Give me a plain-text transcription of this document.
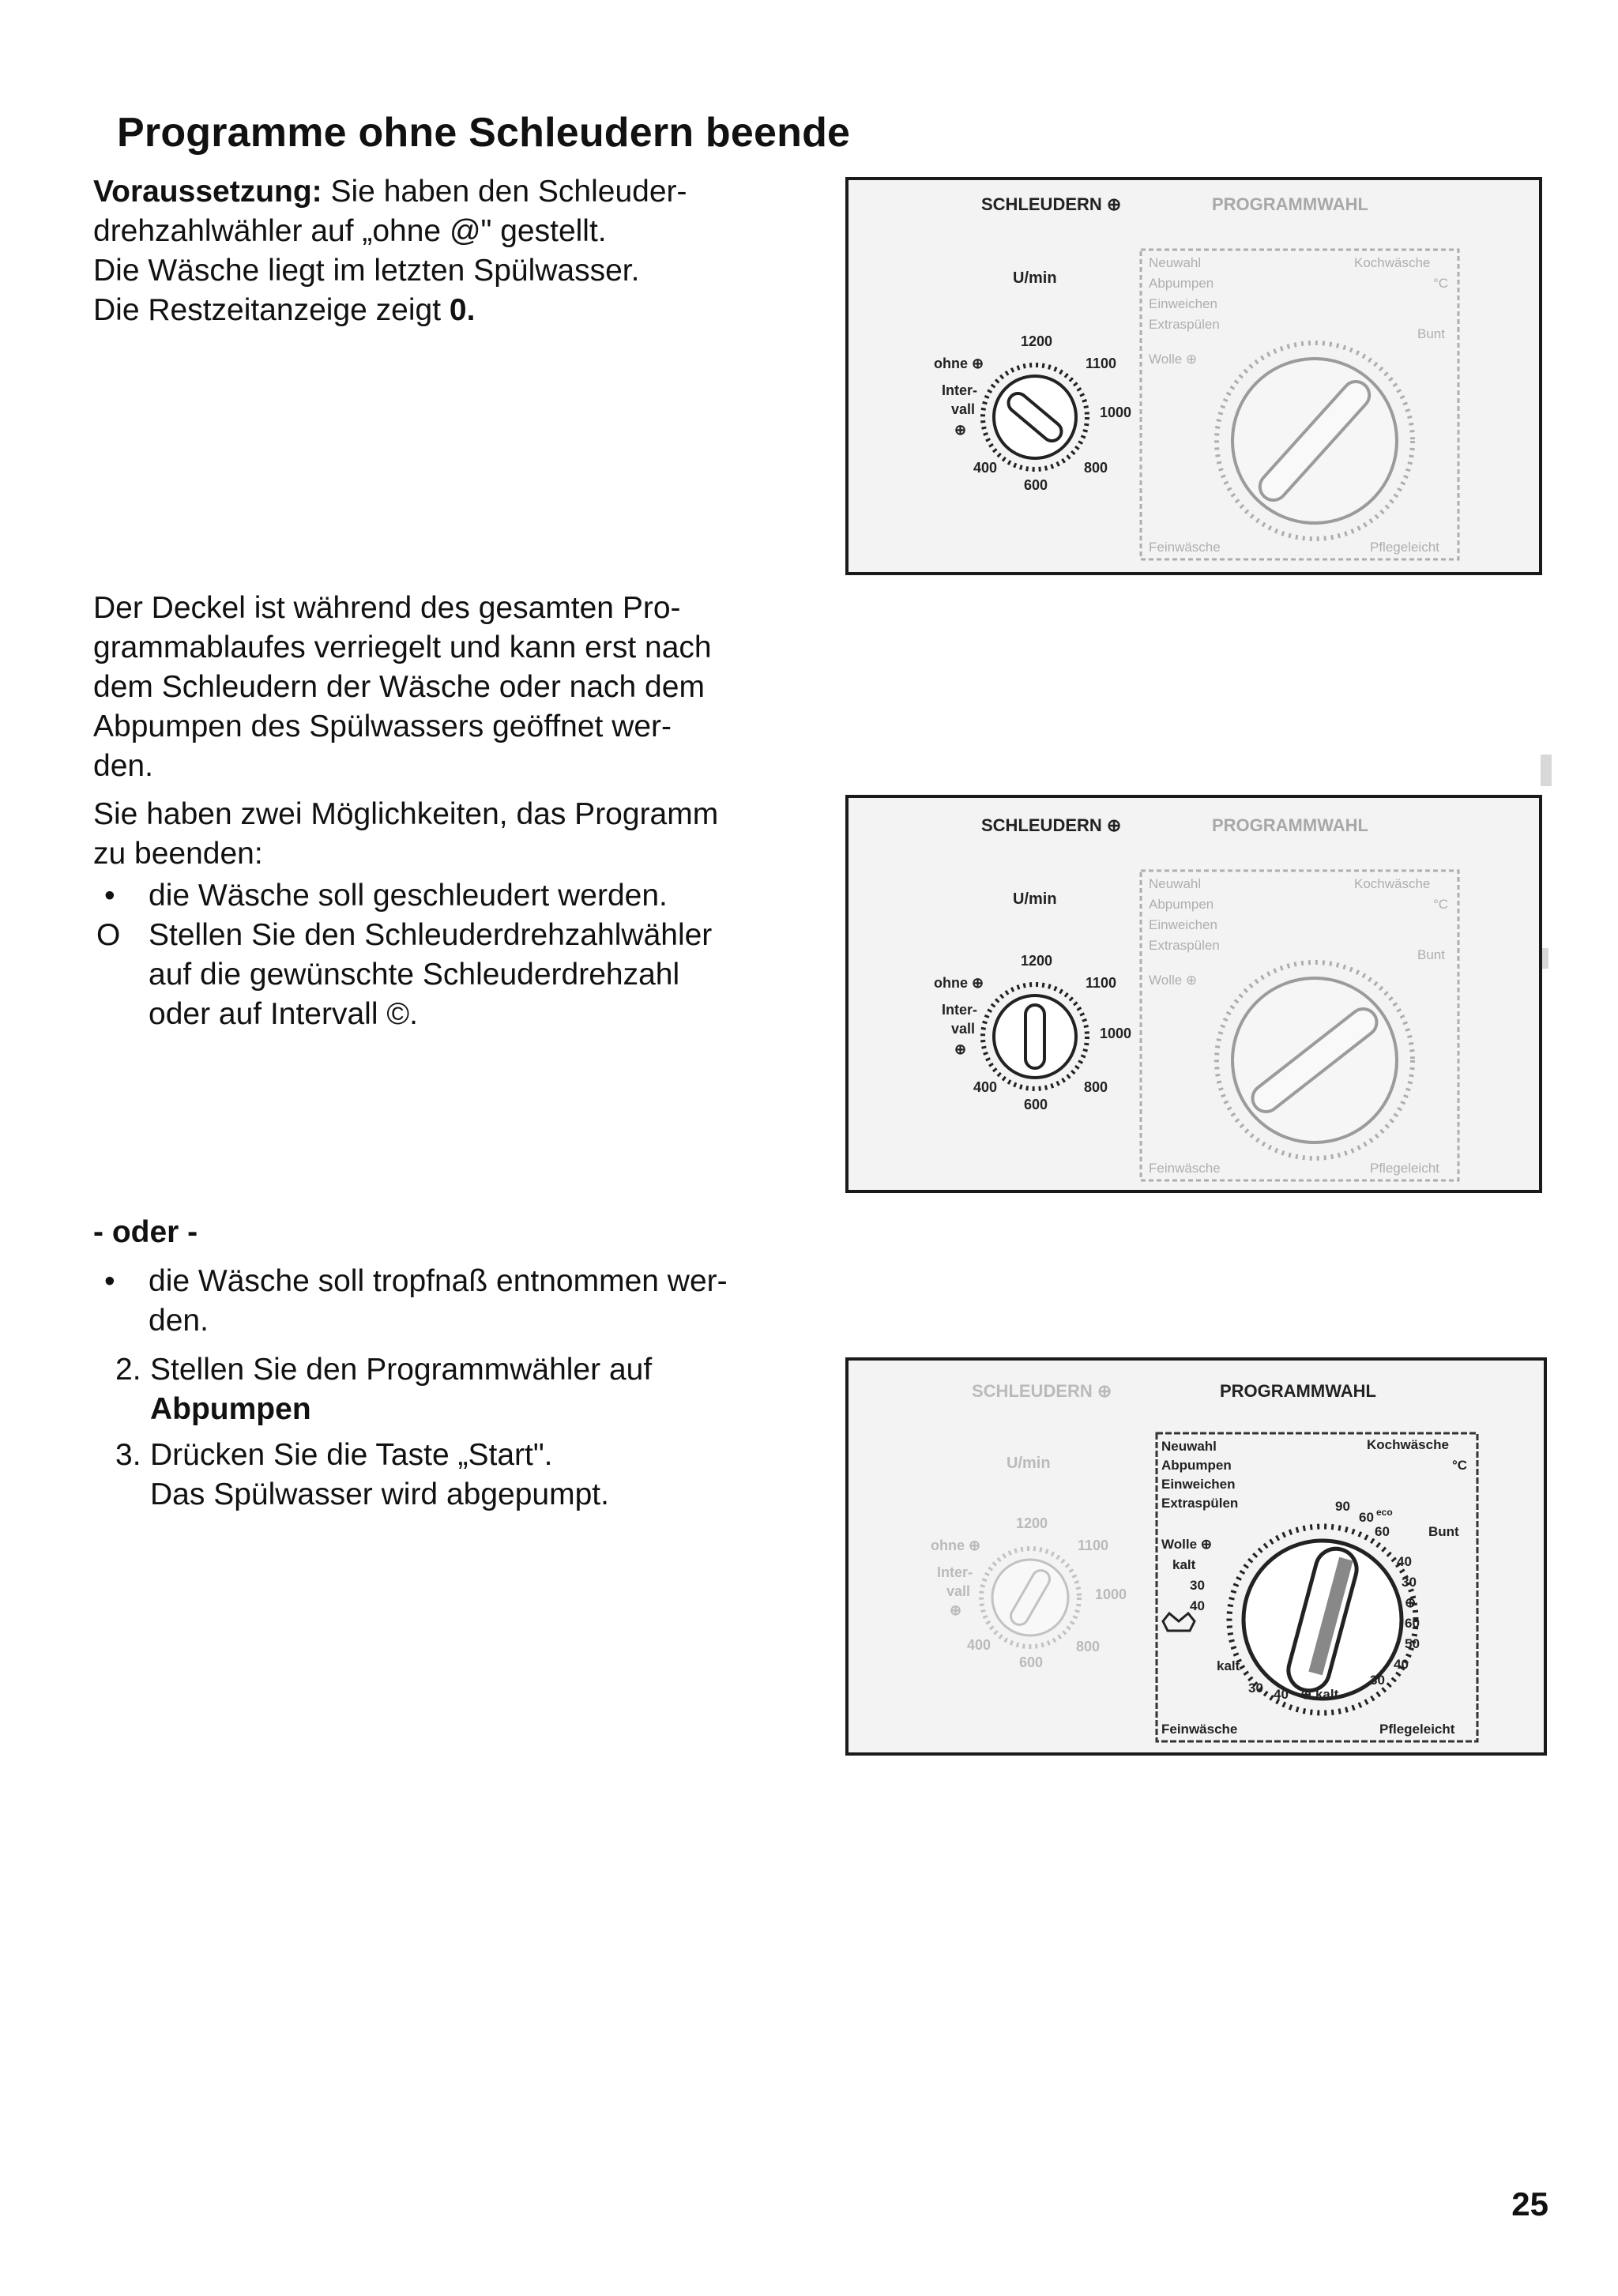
Programme ohne Schleudern beende
Voraussetzung: Sie haben den Schleuder-
drehzahlwähler auf „ohne @" gestellt.
Die Wäsche liegt im letzten Spülwasser.
Die Restzeitanzeige zeigt 0.
Der Deckel ist während des gesamten Pro-
grammablaufes verriegelt und kann erst nach
dem Schleudern der Wäsche oder nach dem
Abpumpen des Spülwassers geöffnet wer-
den.
Sie haben zwei Möglichkeiten, das Programm
zu beenden:
• die Wäsche soll geschleudert werden.
O Stellen Sie den Schleuderdrehzahlwähler
auf die gewünschte Schleuderdrehzahl
oder auf Intervall ©.
- oder -
• die Wäsche soll tropfnaß entnommen wer-
den.
2. Stellen Sie den Programmwähler auf
Abpumpen
3. Drücken Sie die Taste „Start".
Das Spülwasser wird abgepumpt.
SCHLEUDERN ⊕	PROGRAMMWAHL
U/min
1200
1100
1000
800
600
400
ohne ⊕
Inter-
vall
⊕
Neuwahl
Abpumpen
Einweichen
Extraspülen
Wolle ⊕
Kochwäsche
°C
Bunt
Feinwäsche	Pflegeleicht
SCHLEUDERN ⊕	PROGRAMMWAHL
U/min
1200
1100
1000
800
600
400
ohne ⊕
Inter-
vall
⊕
Neuwahl
Abpumpen
Einweichen
Extraspülen
Wolle ⊕
Kochwäsche
°C
Bunt
Feinwäsche	Pflegeleicht
SCHLEUDERN ⊕
U/min
1200
1100
1000
800
600
400
ohne ⊕
Inter-
vall
⊕
PROGRAMMWAHL
Neuwahl
Abpumpen
Einweichen
Extraspülen
Wolle ⊕
kalt
30
40
kalt
30 40 ⊕ kalt
30
40
50
60
⊕
30
40
60
90
60 eco
Kochwäsche
°C
Bunt
Feinwäsche	Pflegeleicht
25
